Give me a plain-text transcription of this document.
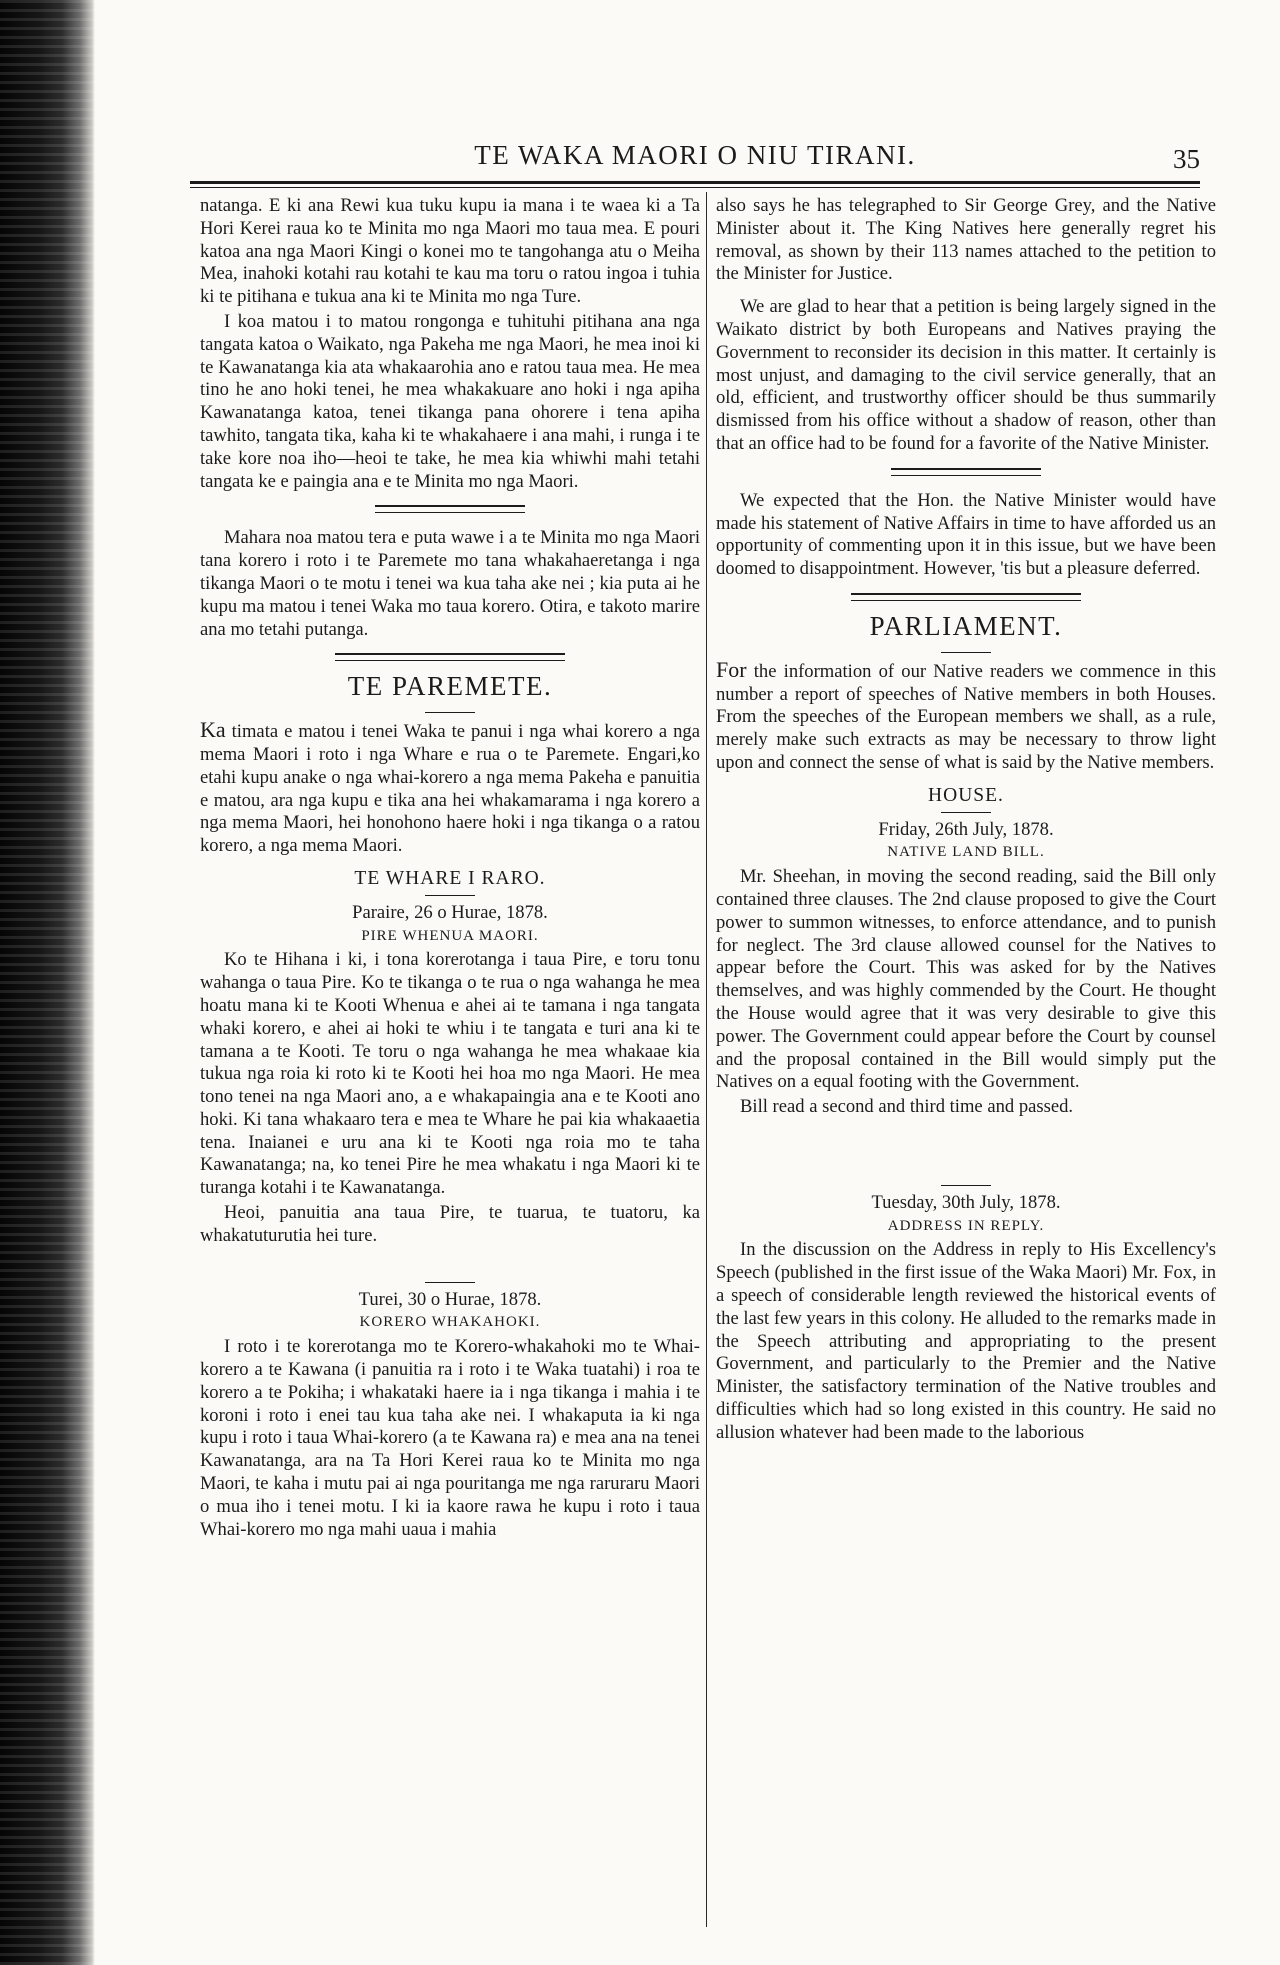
TE WAKA MAORI O NIU TIRANI.	35

natanga. E ki ana Rewi kua tuku kupu ia mana i te waea ki a Ta Hori Kerei raua ko te Minita mo nga Maori mo taua mea. E pouri katoa ana nga Maori Kingi o konei mo te tangohanga atu o Meiha Mea, inahoki kotahi rau kotahi te kau ma toru o ratou ingoa i tuhia ki te pitihana e tukua ana ki te Minita mo nga Ture.

I koa matou i to matou rongonga e tuhituhi pitihana ana nga tangata katoa o Waikato, nga Pakeha me nga Maori, he mea inoi ki te Kawanatanga kia ata whakaarohia ano e ratou taua mea. He mea tino he ano hoki tenei, he mea whakakuare ano hoki i nga apiha Kawanatanga katoa, tenei tikanga pana ohorere i tena apiha tawhito, tangata tika, kaha ki te whakahaere i ana mahi, i runga i te take kore noa iho—heoi te take, he mea kia whiwhi mahi tetahi tangata ke e paingia ana e te Minita mo nga Maori.

Mahara noa matou tera e puta wawe i a te Minita mo nga Maori tana korero i roto i te Paremete mo tana whakahaeretanga i nga tikanga Maori o te motu i tenei wa kua taha ake nei ; kia puta ai he kupu ma matou i tenei Waka mo taua korero. Otira, e takoto marire ana mo tetahi putanga.

TE PAREMETE.

Ka timata e matou i tenei Waka te panui i nga whai korero a nga mema Maori i roto i nga Whare e rua o te Paremete. Engari,ko etahi kupu anake o nga whai-korero a nga mema Pakeha e panuitia e matou, ara nga kupu e tika ana hei whakamarama i nga korero a nga mema Maori, hei honohono haere hoki i nga tikanga o a ratou korero, a nga mema Maori.

TE WHARE I RARO.
Paraire, 26 o Hurae, 1878.
PIRE WHENUA MAORI.

Ko te Hihana i ki, i tona korerotanga i taua Pire, e toru tonu wahanga o taua Pire. Ko te tikanga o te rua o nga wahanga he mea hoatu mana ki te Kooti Whenua e ahei ai te tamana i nga tangata whaki korero, e ahei ai hoki te whiu i te tangata e turi ana ki te tamana a te Kooti. Te toru o nga wahanga he mea whakaae kia tukua nga roia ki roto ki te Kooti hei hoa mo nga Maori. He mea tono tenei na nga Maori ano, a e whakapaingia ana e te Kooti ano hoki. Ki tana whakaaro tera e mea te Whare he pai kia whakaaetia tena. Inaianei e uru ana ki te Kooti nga roia mo te taha Kawanatanga; na, ko tenei Pire he mea whakatu i nga Maori ki te turanga kotahi i te Kawanatanga.

Heoi, panuitia ana taua Pire, te tuarua, te tuatoru, ka whakatuturutia hei ture.

Turei, 30 o Hurae, 1878.
KORERO WHAKAHOKI.

I roto i te korerotanga mo te Korero-whakahoki mo te Whai-korero a te Kawana (i panuitia ra i roto i te Waka tuatahi) i roa te korero a te Pokiha; i whakataki haere ia i nga tikanga i mahia i te koroni i roto i enei tau kua taha ake nei. I whakaputa ia ki nga kupu i roto i taua Whai-korero (a te Kawana ra) e mea ana na tenei Kawanatanga, ara na Ta Hori Kerei raua ko te Minita mo nga Maori, te kaha i mutu pai ai nga pouritanga me nga raruraru Maori o mua iho i tenei motu. I ki ia kaore rawa he kupu i roto i taua Whai-korero mo nga mahi uaua i mahia

also says he has telegraphed to Sir George Grey, and the Native Minister about it. The King Natives here generally regret his removal, as shown by their 113 names attached to the petition to the Minister for Justice.

We are glad to hear that a petition is being largely signed in the Waikato district by both Europeans and Natives praying the Government to reconsider its decision in this matter. It certainly is most unjust, and damaging to the civil service generally, that an old, efficient, and trustworthy officer should be thus summarily dismissed from his office without a shadow of reason, other than that an office had to be found for a favorite of the Native Minister.

We expected that the Hon. the Native Minister would have made his statement of Native Affairs in time to have afforded us an opportunity of commenting upon it in this issue, but we have been doomed to disappointment. However, 'tis but a pleasure deferred.

PARLIAMENT.

For the information of our Native readers we commence in this number a report of speeches of Native members in both Houses. From the speeches of the European members we shall, as a rule, merely make such extracts as may be necessary to throw light upon and connect the sense of what is said by the Native members.

HOUSE.
Friday, 26th July, 1878.
NATIVE LAND BILL.

Mr. Sheehan, in moving the second reading, said the Bill only contained three clauses. The 2nd clause proposed to give the Court power to summon witnesses, to enforce attendance, and to punish for neglect. The 3rd clause allowed counsel for the Natives to appear before the Court. This was asked for by the Natives themselves, and was highly commended by the Court. He thought the House would agree that it was very desirable to give this power. The Government could appear before the Court by counsel and the proposal contained in the Bill would simply put the Natives on a equal footing with the Government.

Bill read a second and third time and passed.

Tuesday, 30th July, 1878.
ADDRESS IN REPLY.

In the discussion on the Address in reply to His Excellency's Speech (published in the first issue of the Waka Maori) Mr. Fox, in a speech of considerable length reviewed the historical events of the last few years in this colony. He alluded to the remarks made in the Speech attributing and appropriating to the present Government, and particularly to the Premier and the Native Minister, the satisfactory termination of the Native troubles and difficulties which had so long existed in this country. He said no allusion whatever had been made to the laborious
